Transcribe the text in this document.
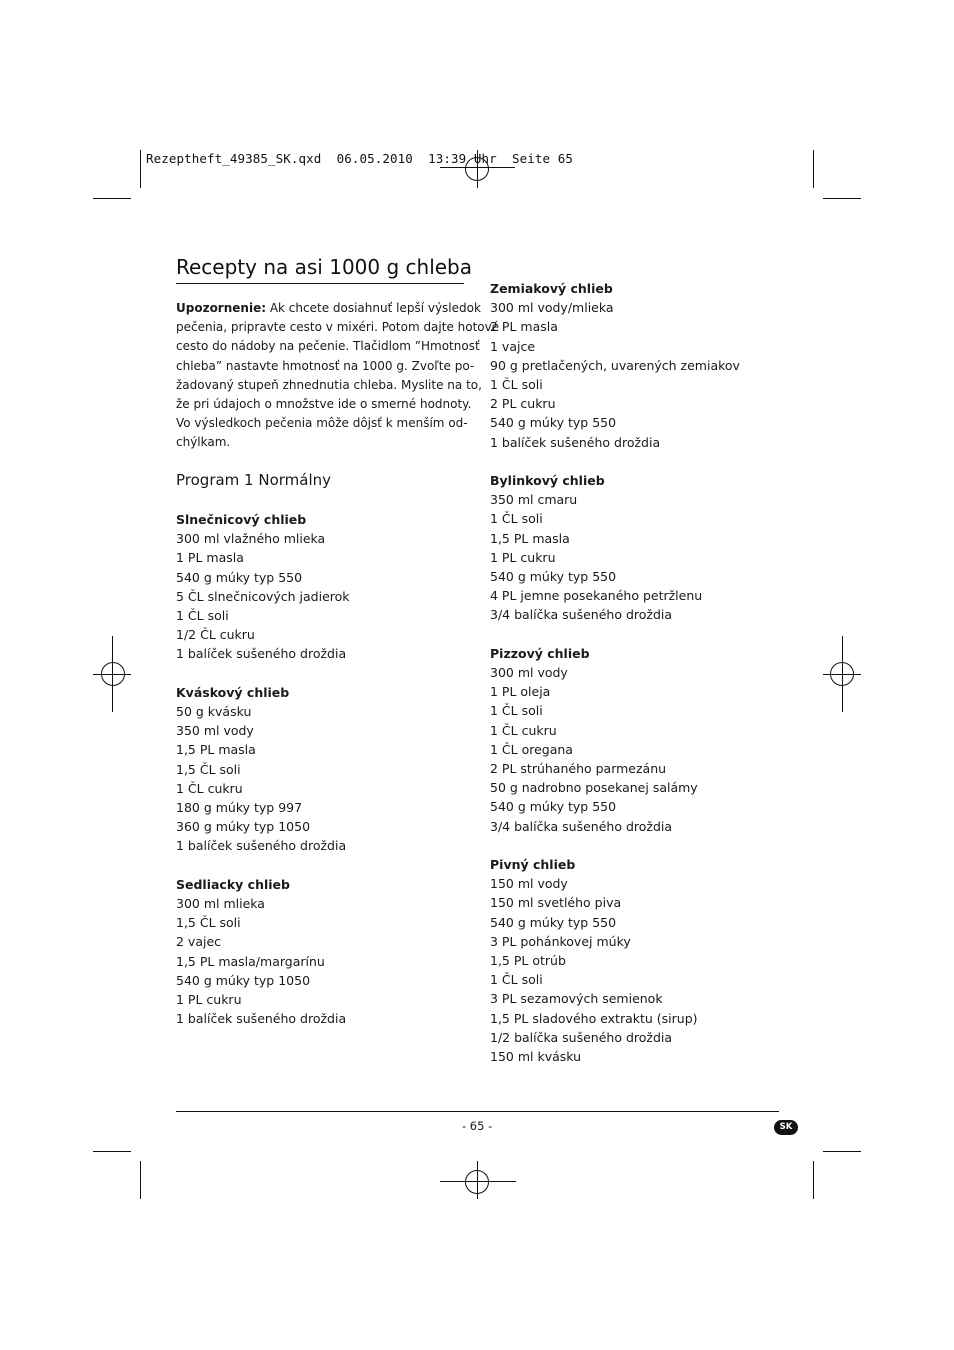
Rezeptheft_49385_SK.qxd  06.05.2010  13:39 Uhr  Seite 65
Recepty na asi 1000 g chleba
Upozornenie: Ak chcete dosiahnuť lepší výsledok
pečenia, pripravte cesto v mixéri. Potom dajte hotové
cesto do nádoby na pečenie. Tlačidlom ”Hmotnosť
chleba” nastavte hmotnosť na 1000 g. Zvoľte po-
žadovaný stupeň zhnednutia chleba. Myslite na to,
že pri údajoch o množstve ide o smerné hodnoty.
Vo výsledkoch pečenia môže dôjsť k menším od-
chýlkam.
Program 1 Normálny
Slnečnicový chlieb
300 ml vlažného mlieka
1 PL masla
540 g múky typ 550
5 ČL slnečnicových jadierok
1 ČL soli
1/2 ČL cukru
1 balíček sušeného droždia
Kváskový chlieb
50 g kvásku
350 ml vody
1,5 PL masla
1,5 ČL soli
1 ČL cukru
180 g múky typ 997
360 g múky typ 1050
1 balíček sušeného droždia
Sedliacky chlieb
300 ml mlieka
1,5 ČL soli
2 vajec
1,5 PL masla/margarínu
540 g múky typ 1050
1 PL cukru
1 balíček sušeného droždia
Zemiakový chlieb
300 ml vody/mlieka
2 PL masla
1 vajce
90 g pretlačených, uvarených zemiakov
1 ČL soli
2 PL cukru
540 g múky typ 550
1 balíček sušeného droždia
Bylinkový chlieb
350 ml cmaru
1 ČL soli
1,5 PL masla
1 PL cukru
540 g múky typ 550
4 PL jemne posekaného petržlenu
3/4 balíčka sušeného droždia
Pizzový chlieb
300 ml vody
1 PL oleja
1 ČL soli
1 ČL cukru
1 ČL oregana
2 PL strúhaného parmezánu
50 g nadrobno posekanej salámy
540 g múky typ 550
3/4 balíčka sušeného droždia
Pivný chlieb
150 ml vody
150 ml svetlého piva
540 g múky typ 550
3 PL pohánkovej múky
1,5 PL otrúb
1 ČL soli
3 PL sezamových semienok
1,5 PL sladového extraktu (sirup)
1/2 balíčka sušeného droždia
150 ml kvásku
- 65 -	SK
